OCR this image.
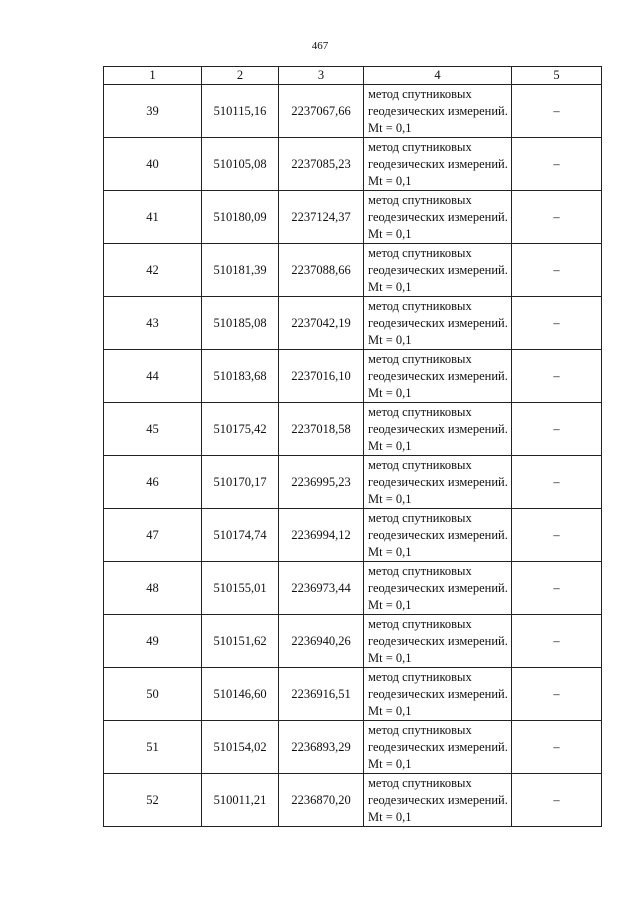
467
1	2	3	4	5
39	510115,16	2237067,66	метод спутниковых геодезических измерений. Mt = 0,1	–
40	510105,08	2237085,23	метод спутниковых геодезических измерений. Mt = 0,1	–
41	510180,09	2237124,37	метод спутниковых геодезических измерений. Mt = 0,1	–
42	510181,39	2237088,66	метод спутниковых геодезических измерений. Mt = 0,1	–
43	510185,08	2237042,19	метод спутниковых геодезических измерений. Mt = 0,1	–
44	510183,68	2237016,10	метод спутниковых геодезических измерений. Mt = 0,1	–
45	510175,42	2237018,58	метод спутниковых геодезических измерений. Mt = 0,1	–
46	510170,17	2236995,23	метод спутниковых геодезических измерений. Mt = 0,1	–
47	510174,74	2236994,12	метод спутниковых геодезических измерений. Mt = 0,1	–
48	510155,01	2236973,44	метод спутниковых геодезических измерений. Mt = 0,1	–
49	510151,62	2236940,26	метод спутниковых геодезических измерений. Mt = 0,1	–
50	510146,60	2236916,51	метод спутниковых геодезических измерений. Mt = 0,1	–
51	510154,02	2236893,29	метод спутниковых геодезических измерений. Mt = 0,1	–
52	510011,21	2236870,20	метод спутниковых геодезических измерений. Mt = 0,1	–
